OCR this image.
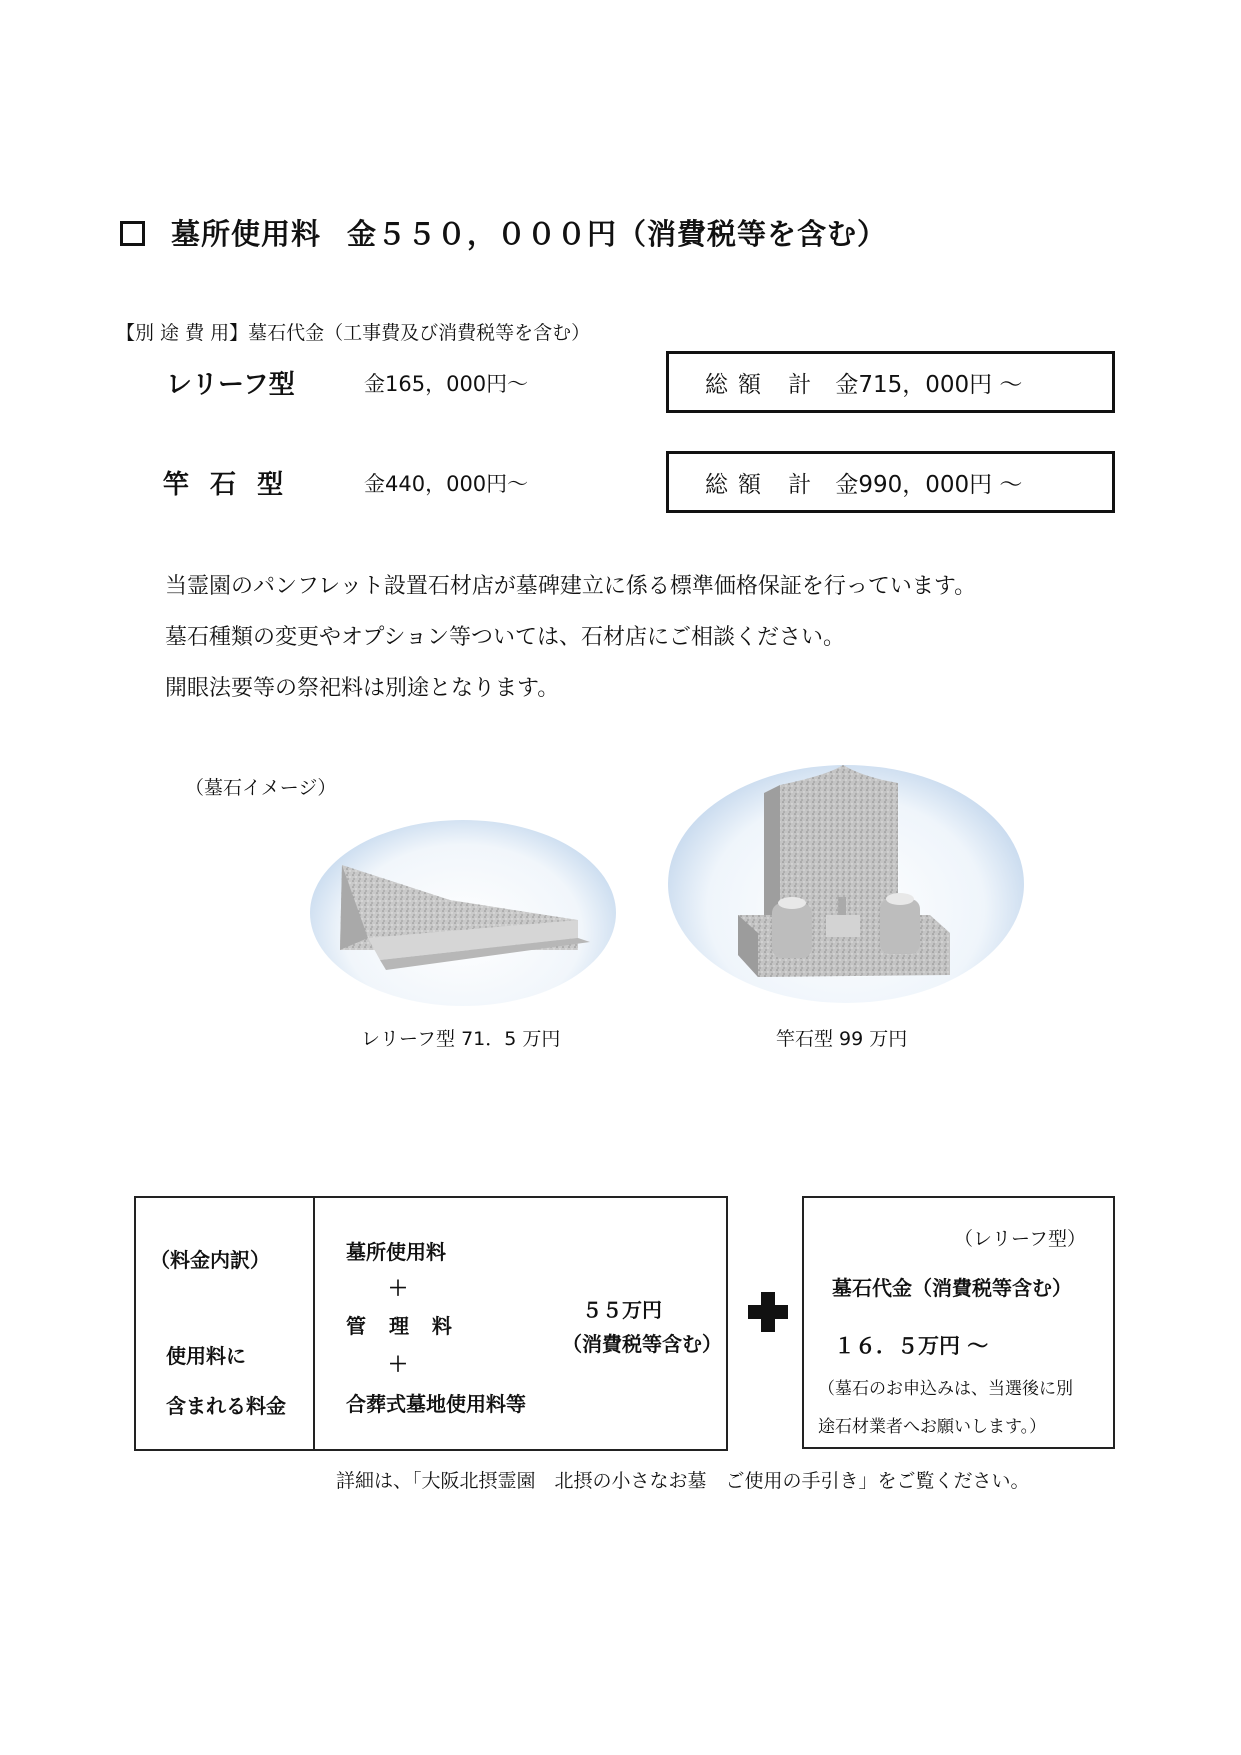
墓所使用料 金５５０，０００円（消費税等を含む）
【別 途 費 用】墓石代金（工事費及び消費税等を含む）
レリーフ型	金165，000円～	総額 計 金715，000円 ～
竿 石 型	金440，000円～	総額 計 金990，000円 ～
当霊園のパンフレット設置石材店が墓碑建立に係る標準価格保証を行っています。
墓石種類の変更やオプション等ついては、石材店にご相談ください。
開眼法要等の祭祀料は別途となります。
（墓石イメージ）
レリーフ型 71．5 万円	竿石型 99 万円
（料金内訳）
使用料に
含まれる料金
墓所使用料
＋
管 理 料
＋
合葬式墓地使用料等
５５万円
（消費税等含む）
（レリーフ型）
墓石代金（消費税等含む）
１６．５万円 ～
（墓石のお申込みは、当選後に別
途石材業者へお願いします。）
詳細は、「大阪北摂霊園　北摂の小さなお墓　ご使用の手引き」をご覧ください。
